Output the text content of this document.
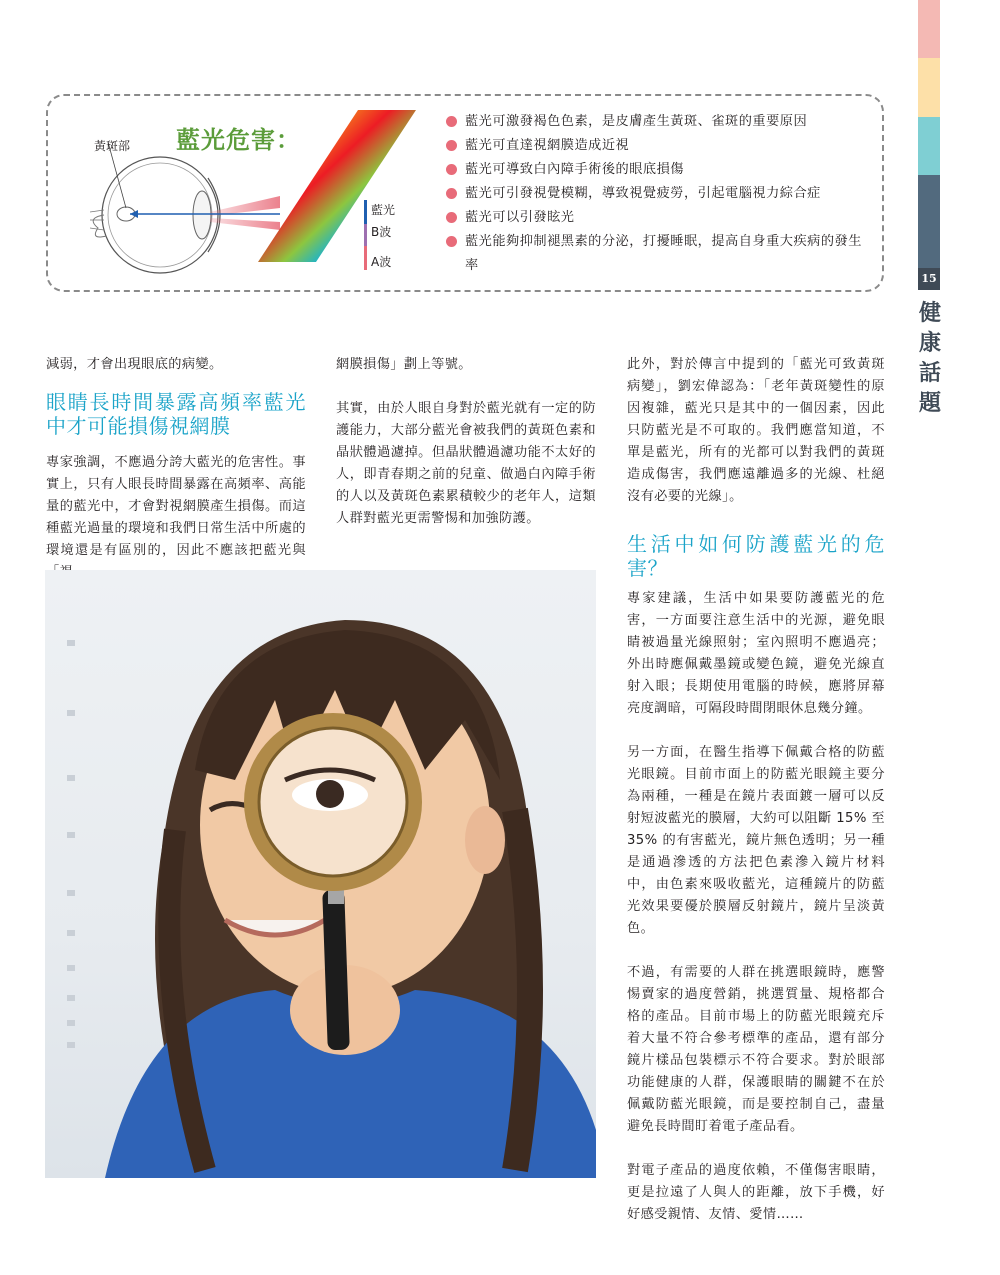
15
健
康
話
題
黃斑部 藍光危害：
藍光
B波
A波
藍光可激發褐色色素，是皮膚產生黃斑、雀斑的重要原因
藍光可直達視網膜造成近視
藍光可導致白內障手術後的眼底損傷
藍光可引發視覺模糊，導致視覺疲勞，引起電腦視力綜合症
藍光可以引發眩光
藍光能夠抑制褪黑素的分泌，打擾睡眠，提高自身重大疾病的發生率

減弱，才會出現眼底的病變。

眼睛長時間暴露高頻率藍光中才可能損傷視網膜

專家強調，不應過分誇大藍光的危害性。事實上，只有人眼長時間暴露在高頻率、高能量的藍光中，才會對視網膜產生損傷。而這種藍光過量的環境和我們日常生活中所處的環境還是有區別的，因此不應該把藍光與

網膜損傷」劃上等號。

其實，由於人眼自身對於藍光就有一定的防護能力，大部分藍光會被我們的黃斑色素和晶狀體過濾掉。但晶狀體過濾功能不太好的人，即青春期之前的兒童、做過白內障手術的人以及黃斑色素累積較少的老年人，這類人群對藍光更需警惕和加強防護。

此外，對於傳言中提到的「藍光可致黃斑病變」，劉宏偉認為：「老年黃斑變性的原因複雜，藍光只是其中的一個因素，因此只防藍光是不可取的。我們應當知道，不單是藍光，所有的光都可以對我們的黃斑造成傷害，我們應遠離過多的光線、杜絕沒有必要的光線」。

生活中如何防護藍光的危害？

專家建議，生活中如果要防護藍光的危害，一方面要注意生活中的光源，避免眼睛被過量光線照射；室內照明不應過亮；外出時應佩戴墨鏡或變色鏡，避免光線直射入眼；長期使用電腦的時候，應將屏幕亮度調暗，可隔段時間閉眼休息幾分鐘。

另一方面，在醫生指導下佩戴合格的防藍光眼鏡。目前市面上的防藍光眼鏡主要分為兩種，一種是在鏡片表面鍍一層可以反射短波藍光的膜層，大約可以阻斷 15% 至 35% 的有害藍光，鏡片無色透明；另一種是通過滲透的方法把色素滲入鏡片材料中，由色素來吸收藍光，這種鏡片的防藍光效果要優於膜層反射鏡片，鏡片呈淡黃色。

不過，有需要的人群在挑選眼鏡時，應警惕賣家的過度營銷，挑選質量、規格都合格的產品。目前市場上的防藍光眼鏡充斥着大量不符合參考標準的產品，還有部分鏡片樣品包裝標示不符合要求。對於眼部功能健康的人群，保護眼睛的關鍵不在於佩戴防藍光眼鏡，而是要控制自己，盡量避免長時間盯着電子產品看。

對電子產品的過度依賴，不僅傷害眼睛，更是拉遠了人與人的距離，放下手機，好好感受親情、友情、愛情……
